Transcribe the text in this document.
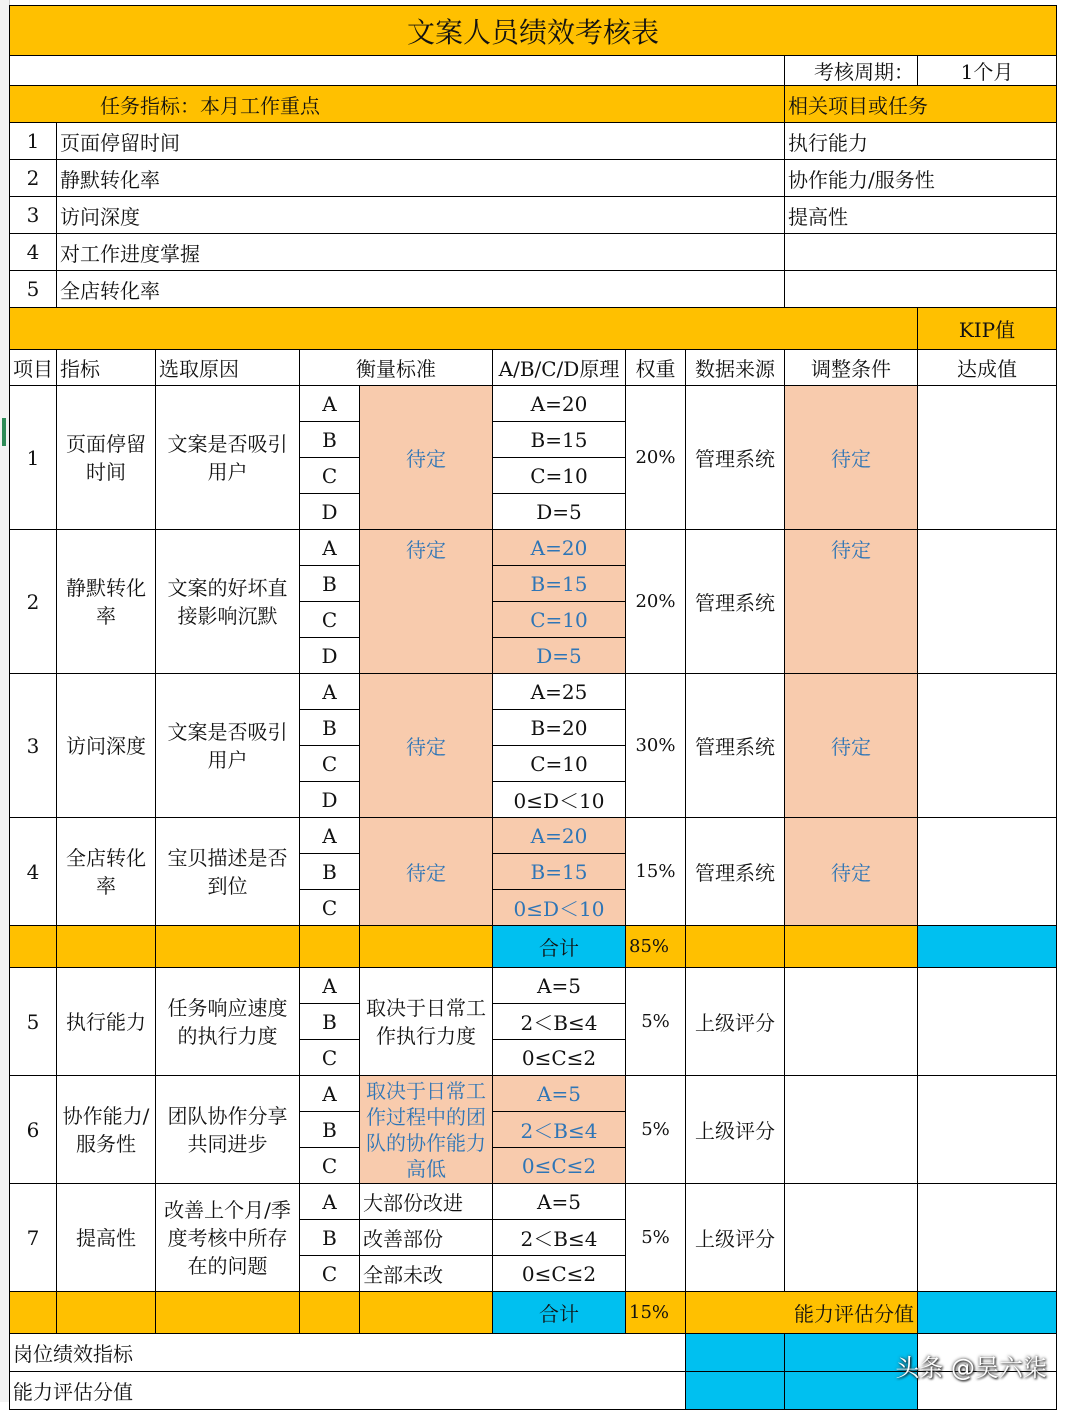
文案人员绩效考核表									
								考核周期：	1个月
任务指标：本月工作重点								相关项目或任务	
1	页面停留时间							执行能力	
2	静默转化率							协作能力/服务性	
3	访问深度							提高性	
4	对工作进度掌握								
5	全店转化率								
									KIP值
项目	指标	选取原因	衡量标准		A/B/C/D原理	权重	数据来源	调整条件	达成值
1	页面停留时间	文案是否吸引用户	A	待定	A=20	20%	管理系统	待定	
			B		B=15				
			C		C=10				
			D		D=5				
2	静默转化率	文案的好坏直接影响沉默	A	待定	A=20	20%	管理系统	待定	
			B		B=15				
			C		C=10				
			D		D=5				
3	访问深度	文案是否吸引用户	A	待定	A=25	30%	管理系统	待定	
			B		B=20				
			C		C=10				
			D		0≤D＜10				
4	全店转化率	宝贝描述是否到位	A	待定	A=20	15%	管理系统	待定	
			B		B=15				
			C		0≤D＜10				
					合计	85%			
5	执行能力	任务响应速度的执行力度	A	取决于日常工作执行力度	A=5	5%	上级评分		
			B		2＜B≤4				
			C		0≤C≤2				
6	协作能力/服务性	团队协作分享共同进步	A	取决于日常工作过程中的团队的协作能力高低	A=5	5%	上级评分		
			B		2＜B≤4				
			C		0≤C≤2				
7	提高性	改善上个月/季度考核中所存在的问题	A	大部份改进	A=5	5%	上级评分		
			B	改善部份	2＜B≤4				
			C	全部未改	0≤C≤2				
					合计	15%	能力评估分值		
岗位绩效指标									
能力评估分值									
头条 @吴六柒
